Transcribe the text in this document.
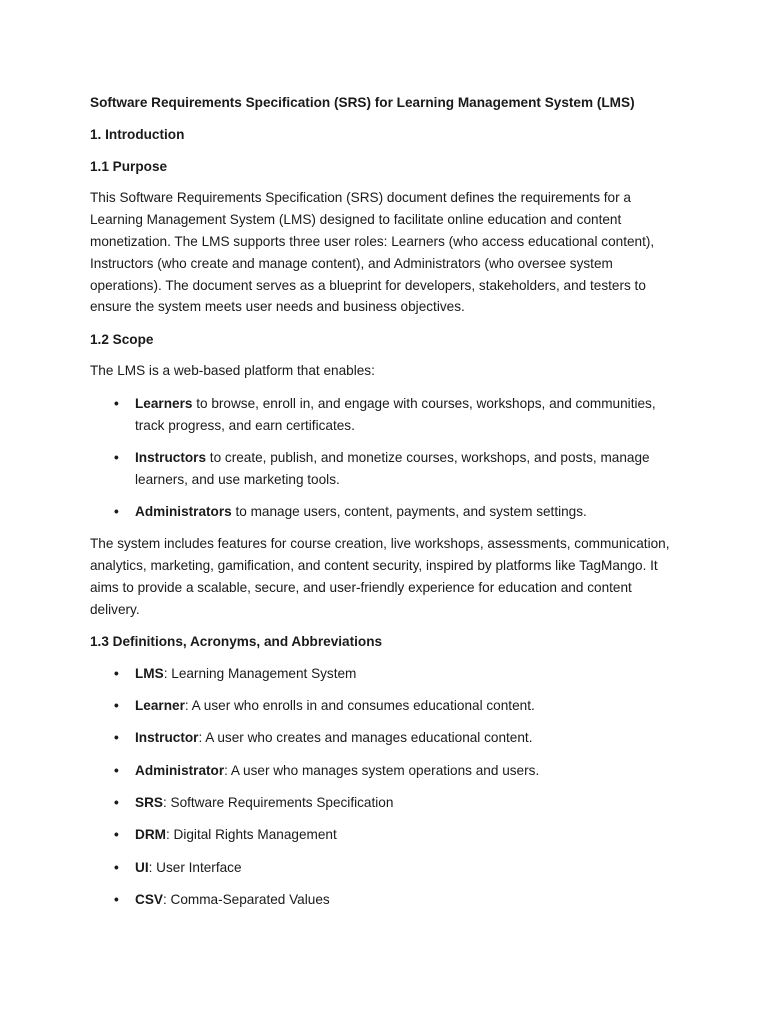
Software Requirements Specification (SRS) for Learning Management System (LMS)
1. Introduction
1.1 Purpose
This Software Requirements Specification (SRS) document defines the requirements for a Learning Management System (LMS) designed to facilitate online education and content monetization. The LMS supports three user roles: Learners (who access educational content), Instructors (who create and manage content), and Administrators (who oversee system operations). The document serves as a blueprint for developers, stakeholders, and testers to ensure the system meets user needs and business objectives.
1.2 Scope
The LMS is a web-based platform that enables:
• Learners to browse, enroll in, and engage with courses, workshops, and communities, track progress, and earn certificates.
• Instructors to create, publish, and monetize courses, workshops, and posts, manage learners, and use marketing tools.
• Administrators to manage users, content, payments, and system settings.
The system includes features for course creation, live workshops, assessments, communication, analytics, marketing, gamification, and content security, inspired by platforms like TagMango. It aims to provide a scalable, secure, and user-friendly experience for education and content delivery.
1.3 Definitions, Acronyms, and Abbreviations
• LMS: Learning Management System
• Learner: A user who enrolls in and consumes educational content.
• Instructor: A user who creates and manages educational content.
• Administrator: A user who manages system operations and users.
• SRS: Software Requirements Specification
• DRM: Digital Rights Management
• UI: User Interface
• CSV: Comma-Separated Values
